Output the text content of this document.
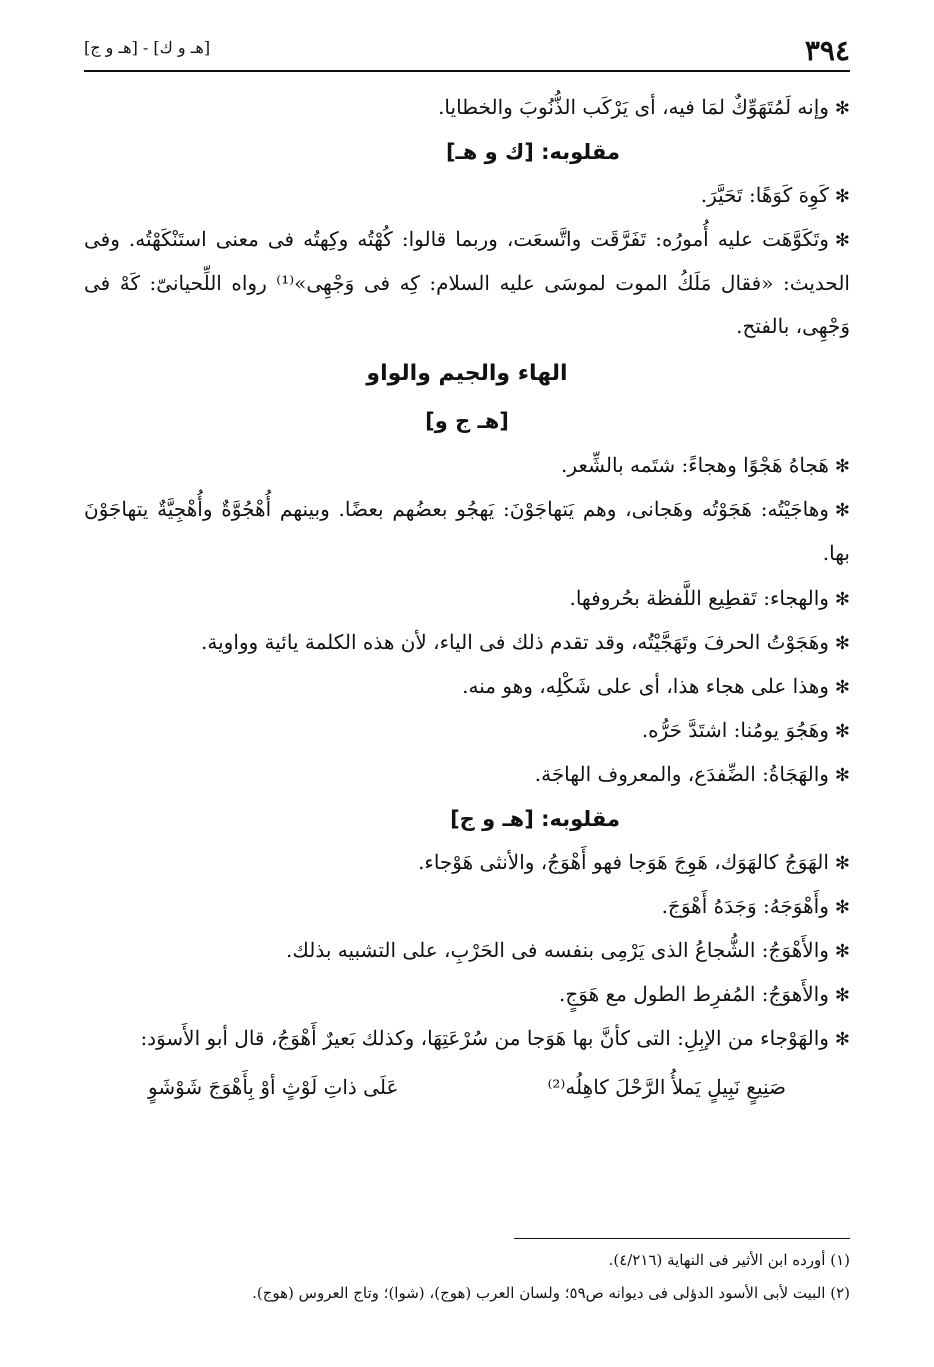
٣٩٤
[هـ و ك] - [هـ و ج]

✻وإنه لَمُتَهَوِّكٌ لمَا فيه، أى يَرْكَب الذُّنُوبَ والخطايا.

مقلوبه: [ك و هـ]

✻كَوِهَ كَوَهًا: تَحَيَّرَ.

✻وتَكَوَّهَت عليه أُمورُه: تَفَرَّقَت واتَّسعَت، وربما قالوا: كُهْتُه وكِهتُه فى معنى استَنْكَهْتُه. وفى الحديث: «فقال مَلَكُ الموت لموسَى عليه السلام: كِه فى وَجْهِى»⁽¹⁾ رواه اللِّحيانىّ: كَهْ فى وَجْهِى، بالفتح.

الهاء والجيم والواو
[هـ ج و]

✻هَجاهُ هَجْوًا وهجاءً: شتَمه بالشِّعر.

✻وهاجَيْتُه: هَجَوْتُه وهَجانى، وهم يَتهاجَوْنَ: يَهجُو بعضُهم بعضًا. وبينهم أُهْجُوَّةٌ وأُهْجِيَّةٌ يتهاجَوْنَ بها.

✻والهجاء: تَقطِيع اللَّفظة بحُروفها.

✻وهَجَوْتُ الحرفَ وتَهَجَّيْتُه، وقد تقدم ذلك فى الياء، لأن هذه الكلمة يائية وواوية.

✻وهذا على هجاء هذا، أى على شَكْلِه، وهو منه.

✻وهَجُوَ يومُنا: اشتَدَّ حَرُّه.

✻والهَجَاةُ: الضِّفدَع، والمعروف الهاجَة.

مقلوبه: [هـ و ج]

✻الهَوَجُ كالهَوَك، هَوِجَ هَوَجا فهو أَهْوَجُ، والأنثى هَوْجاء.

✻وأَهْوَجَهُ: وَجَدَهُ أَهْوَجَ.

✻والأَهْوَجُ: الشُّجاعُ الذى يَرْمِى بنفسه فى الحَرْبِ، على التشبيه بذلك.

✻والأَهوَجُ: المُفرِط الطول مع هَوَجٍ.

✻والهَوْجاء من الإبِلِ: التى كأنَّ بها هَوَجا من سُرْعَتِهَا، وكذلك بَعيرٌ أَهْوَجُ، قال أبو الأَسوَد:

صَنِيعٍ نَبِيلٍ يَملأُ الرَّحْلَ كاهِلُه⁽²⁾
عَلَى ذاتِ لَوْثٍ أوْ بِأَهْوَجَ شَوْشَوٍ

(١) أورده ابن الأثير فى النهاية (٤/٢١٦).

(٢) البيت لأبى الأسود الدؤلى فى ديوانه ص٥٩؛ ولسان العرب (هوج)، (شوا)؛ وتاج العروس (هوج).
